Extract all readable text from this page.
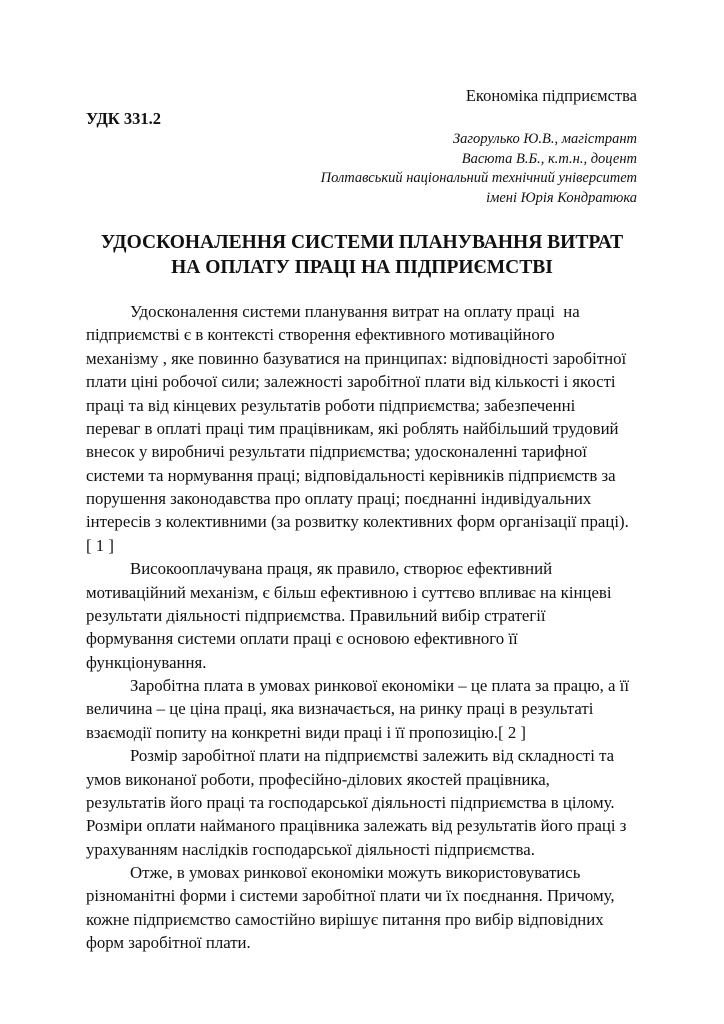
Економіка підприємства
УДК 331.2
Загорулько Ю.В., магістрант
Васюта В.Б., к.т.н., доцент
Полтавський національний технічний університет
імені Юрія Кондратюка
УДОСКОНАЛЕННЯ СИСТЕМИ ПЛАНУВАННЯ ВИТРАТ
НА ОПЛАТУ ПРАЦІ НА ПІДПРИЄМСТВІ
Удосконалення системи планування витрат на оплату праці  на
підприємстві є в контексті створення ефективного мотиваційного
механізму , яке повинно базуватися на принципах: відповідності заробітної
плати ціні робочої сили; залежності заробітної плати від кількості і якості
праці та від кінцевих результатів роботи підприємства; забезпеченні
переваг в оплаті праці тим працівникам, які роблять найбільший трудовий
внесок у виробничі результати підприємства; удосконаленні тарифної
системи та нормування праці; відповідальності керівників підприємств за
порушення законодавства про оплату праці; поєднанні індивідуальних
інтересів з колективними (за розвитку колективних форм організації праці).
[ 1 ]
Високооплачувана праця, як правило, створює ефективний
мотиваційний механізм, є більш ефективною і суттєво впливає на кінцеві
результати діяльності підприємства. Правильний вибір стратегії
формування системи оплати праці є основою ефективного її
функціонування.
Заробітна плата в умовах ринкової економіки – це плата за працю, а її
величина – це ціна праці, яка визначається, на ринку праці в результаті
взаємодії попиту на конкретні види праці і її пропозицію.[ 2 ]
Розмір заробітної плати на підприємстві залежить від складності та
умов виконаної роботи, професійно-ділових якостей працівника,
результатів його праці та господарської діяльності підприємства в цілому.
Розміри оплати найманого працівника залежать від результатів його праці з
урахуванням наслідків господарської діяльності підприємства.
Отже, в умовах ринкової економіки можуть використовуватись
різноманітні форми і системи заробітної плати чи їх поєднання. Причому,
кожне підприємство самостійно вирішує питання про вибір відповідних
форм заробітної плати.
